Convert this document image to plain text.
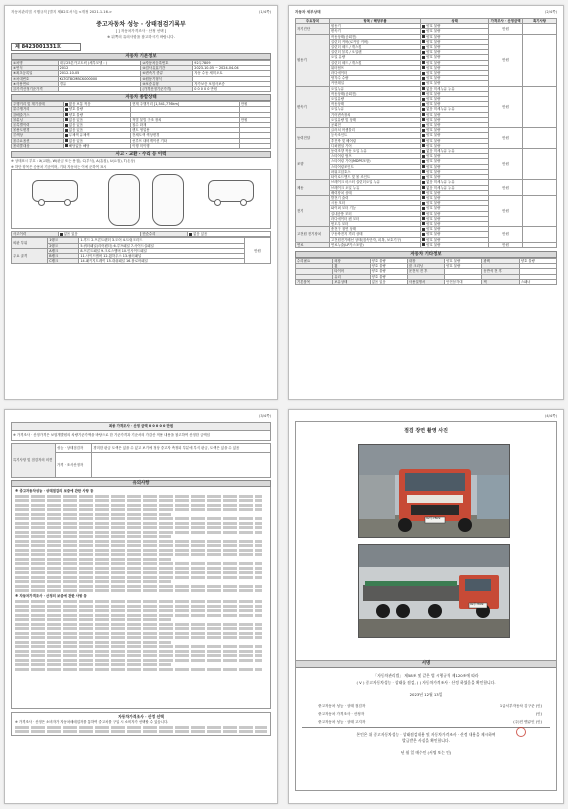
자동차관리법 시행규칙 [별지 제82호서식] <개정 2021.1.16.>	(1/4쪽)
중고자동차 성능 · 상태점검기록부
[ ] 자동차가격조사 · 산정 선택 ]
※ 뒤쪽의 유의사항을 참고하시기 바랍니다.
제 8423001331호
자동차 기본정보
①차명	대우25톤카고트럭 (세부모델 : )	②자동차등록번호	92무7809
③연식	2012	④검사유효기간	2023-10-05 ~ 2024-04-04
⑤최초등록일	2012-10-05	⑥변속기 종류	자동 수동 세미오토
⑦차대번호	KLTGT8CMBCK000000	⑧원동기형식	
⑨사용연료	경유	⑩보증유형	자가보증 보험사보증
⑪가격산정기준가격		(가격산정기준가격)	0 0 0 0 0 만원
자동차 종합상태
주행거리 및 계기상태	많음 보통 적음	현재 주행거리 [1,541,776km]	만원
⑫주행거리	양호 불량		
⑬배출가스	양호 불량		
⑭튜닝	없음 있음	적법 불법 구조 장치	만원
⑮특별이력	없음 있음	침수 화재	
⑯용도변경	없음 있음	렌트 영업용	
⑰색상	무채색 유채색	전체도색 색상변경	
⑱주요옵션	없음 있음	선루프 내비게이션 기타	
⑲리콜대상	해당없음 해당	이행 미이행	
사고 · 교환 · 수리 등 이력
※ 상태표시 부호 : X(교환), W(판금 또는 용접), C(부식), A(흠집), U(요철), T(손상)
※ 하단 항목은 승용차 기준이며, 기타 자동차는 이에 준하여 표시
사고이력	없음 있음	단순수리	없음 있음
외판 부위	1랭크	1.후드 2.프론트펜더 3.도어 4.트렁크리드	만원
	2랭크	5.쿼터패널(리어펜더) 6.루프패널 7.사이드실패널	
주요 골격	A랭크	8.프론트패널 9.크로스멤버 10.인사이드패널	
	B랭크	11.사이드멤버 12.휠하우스 13.필러패널	
	C랭크	14.패키지트레이 15.대쉬패널 16.플로어패널	
자동차 세부상태	(2/4쪽)
주요장치	항목 / 해당부품	상태	가격조사 · 산정금액	특기사항
자기진단	원동기	양호 불량	만원	
	변속기	양호 불량		
원동기	작동상태(공회전)	양호 불량	만원	
	실린더 커버(로커암 커버)	양호 불량		
	실린더 헤드 / 개스킷	양호 불량		
	실린더 블록 / 오일팬	양호 불량		
	오일 유량	양호 불량		
	실린더 헤드 / 개스킷	양호 불량		
	워터펌프	양호 불량		
	라디에이터	양호 불량		
	냉각수 수량	양호 불량		
	커먼레일	양호 불량		
변속기	오일누유	없음 미세누유 누유	만원	
	작동상태(공회전)	양호 불량		
	오일유량	양호 불량		
	작동상태	양호 불량		
	오일누유	없음 미세누유 누유		
	기어변속장치	양호 불량		
	오일유량 및 상태	양호 불량		
	공회전	양호 불량		
동력전달	클러치 어셈블리	양호 불량	만원	
	등속조인트	양호 불량		
	추진축 및 베어링	양호 불량		
	디퍼렌셜 기어	양호 불량		
조향	동력조향 작동 오일 누유	없음 미세누유 누유	만원	
	스티어링 펌프	양호 불량		
	스티어링 기어(MDPS포함)	양호 불량		
	스티어링조인트	양호 불량		
	파워고압호스	양호 불량		
	타이로드엔드 및 볼 조인트	양호 불량		
제동	브레이크 마스터 실린더오일 누유	없음 미세누유 누유	만원	
	브레이크 오일 누유	없음 미세누유 누유		
	배력장치 상태	양호 불량		
전기	발전기 출력	양호 불량	만원	
	시동 모터	양호 불량		
	와이퍼 모터 기능	양호 불량		
	실내송풍 모터	양호 불량		
	라디에이터 팬 모터	양호 불량		
	윈도우 모터	양호 불량		
고전원 전기장치	충전구 절연 상태	양호 불량	만원	
	구동축전지 격리 상태	양호 불량		
	고전원전기배선 상태(접속단자, 피복, 보호기구)	양호 불량		
연료	연료누출(LP가스포함)	양호 불량	만원	
자동차 기타정보
수리필요	외장	양호 불량	내장	양호 불량	광택	양호 불량
	휠	양호 불량	룸 크리닝	양호 불량		
	타이어	양호 불량	운전석 전 후		동반석 전 후	
	유리	양호 불량				
기본품목	보유상태	없음 있음	사용설명서	안전삼각대	잭	스패너
(3/4쪽)
최종 가격조사 · 산정 금액 0 0 0 0 0 만원
※ 가격조사 · 산정가격은 보험개발원의 차량기준가액을 바탕으로 한 기준가격과 기준서의 가감산 적용 내용을 참고하여 산정한 금액임
특기사항 및 점검자의 의견	성능 · 상태점검자	경미한 판금 도색은 있을 수 있고 보기에 정상 중고자 측정되 부분에 부식 판금, 도색은 있을 수 있음
	가격 · 조사산정자	
유의사항
※ 중고자동차성능 · 상태점검의 보증에 관한 사항 등
※ 자동차가격조사 · 산정의 보증에 관한 사항 등
자동차가격조사 · 산정 선택
※ 가격조사 · 산정은 소비자가 자동차매매업자를 통하여 중고차를 구입 시 소비자가 선택할 수 있습니다.
(4/4쪽)
점검 장면 촬영 사진
92무7809
92무7809
서명
「자동차관리법」 제58조 및 같은 법 시행규칙 제120조에 따라
( V ) 중고자동차성능 · 상태를 점검, ( ) 자동차가격조사 · 산정 하였음을 확인합니다.
2023년 12월 13일
중고자동차 성능 · 상태 점검자	1급서부자동차 김구준 (인)
중고자동차 가격조사 · 산정자	(인)
중고자동차 성능 · 상태 고지자	(주)민 엔큐인 (인)
본인은 위 중고자동차성능 · 상태점검내용 및 자동차가격조사 · 산정 내용을 제시하여
발급받은 사실을 확인합니다.
년 월 일 매수인 (서명 또는 인)
